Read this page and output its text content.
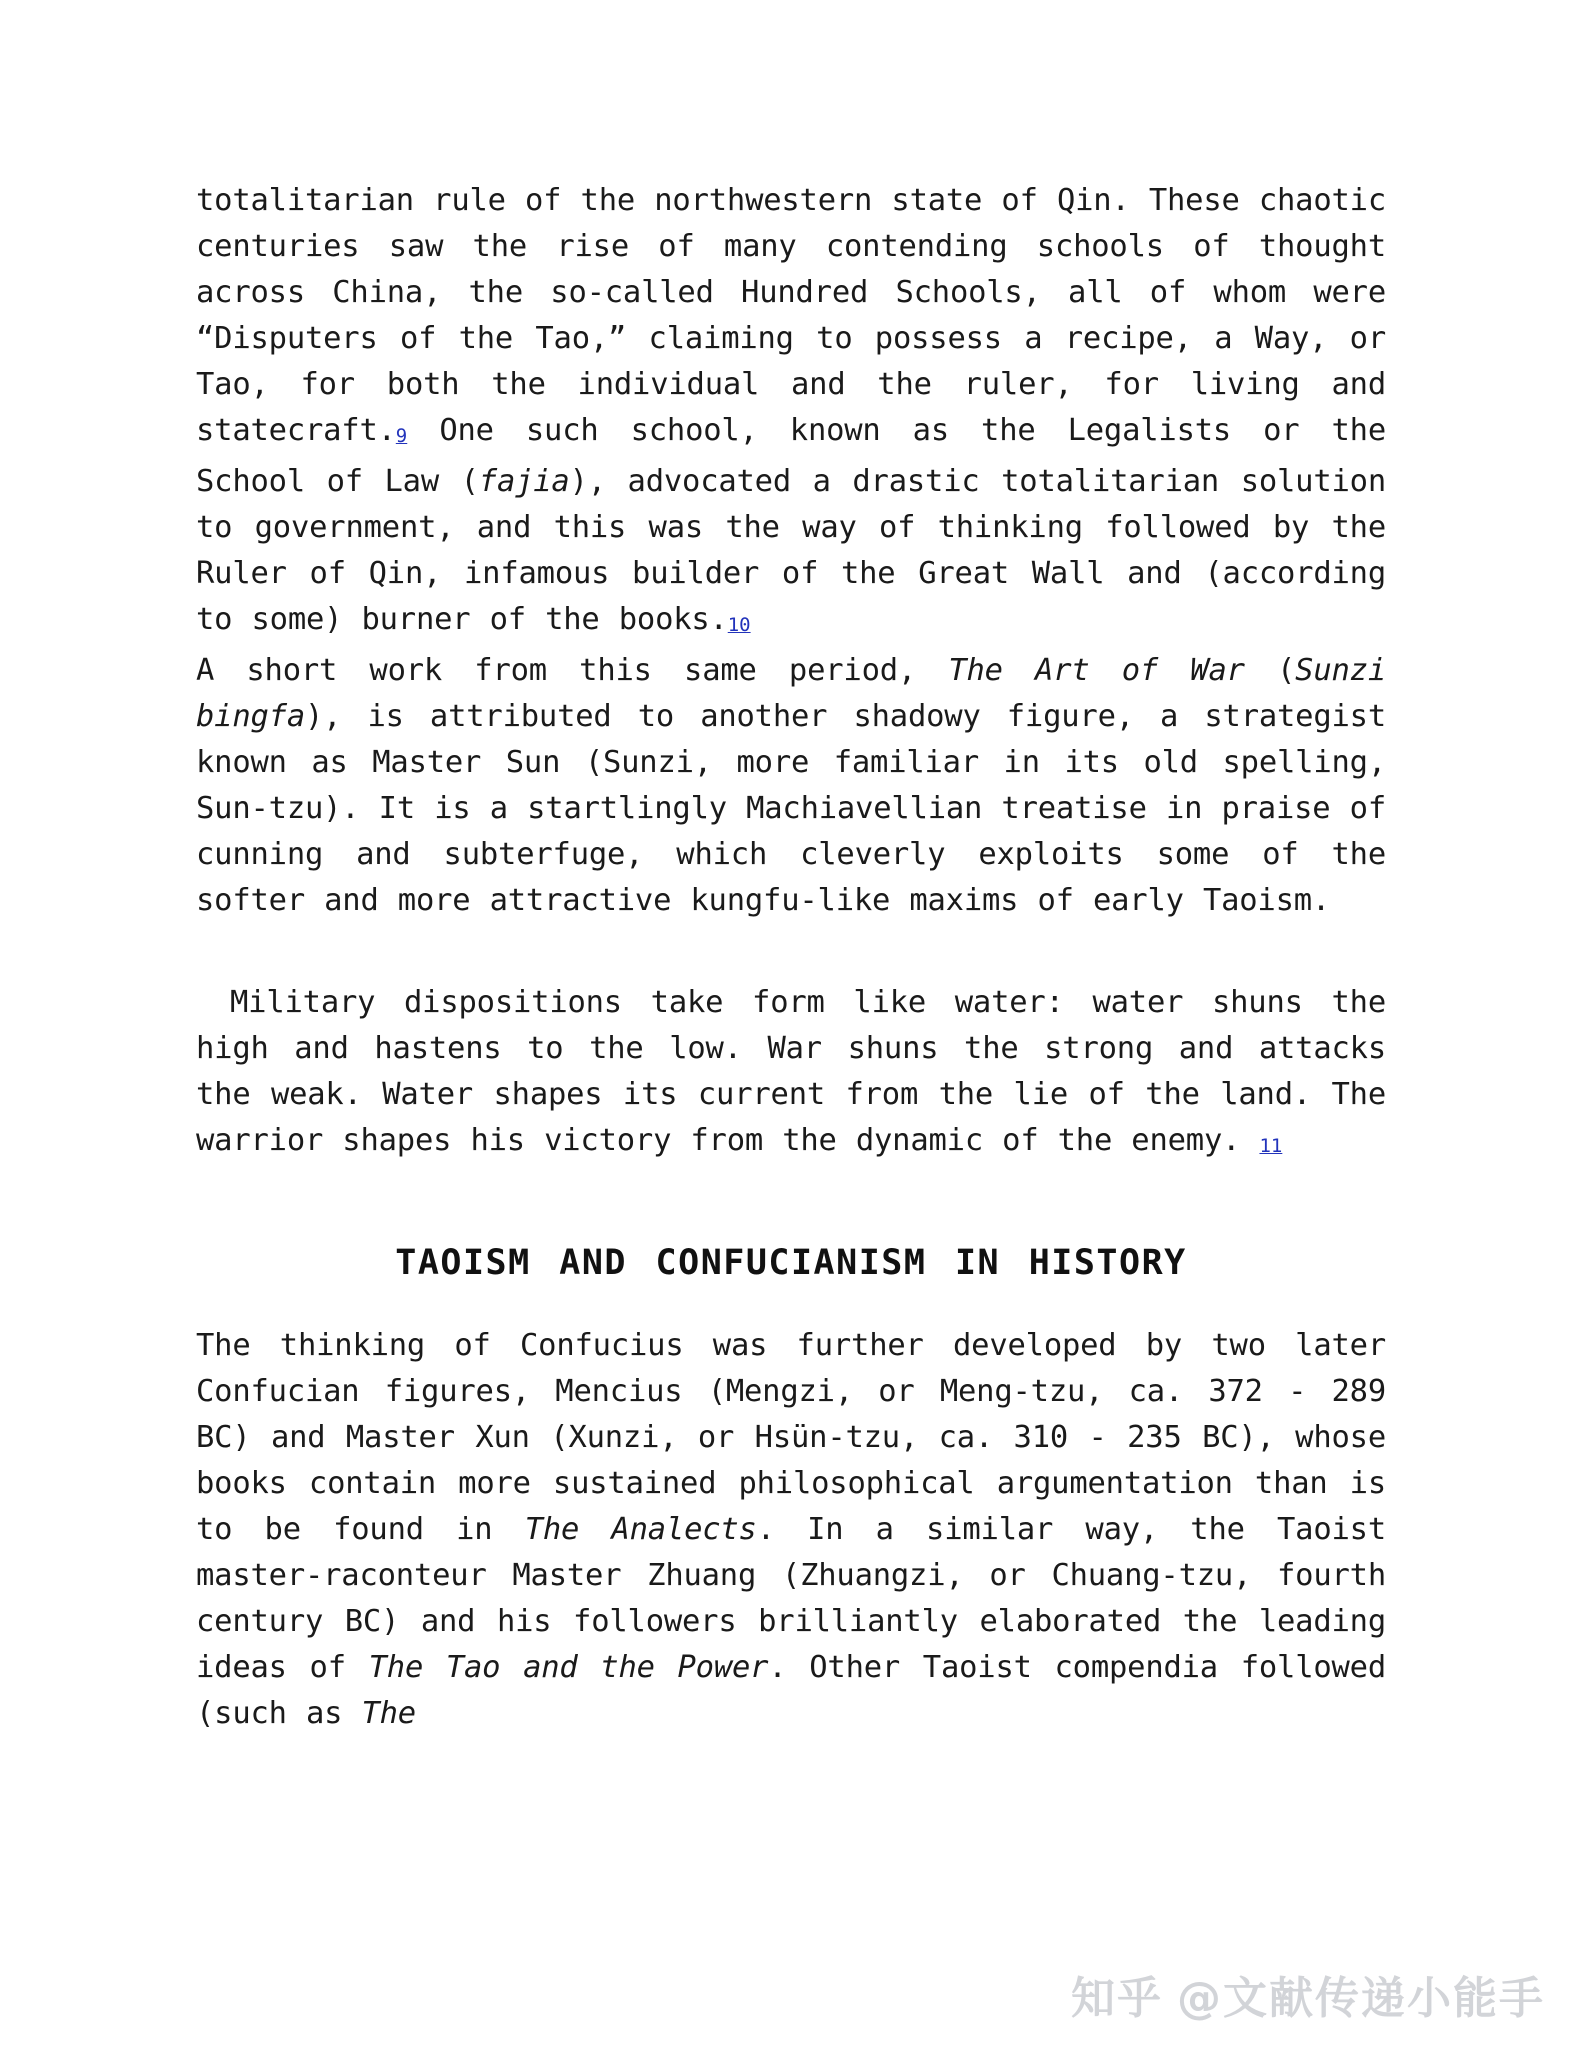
totalitarian rule of the northwestern state of Qin. These chaotic centuries saw the rise of many contending schools of thought across China, the so-called Hundred Schools, all of whom were “Disputers of the Tao,” claiming to possess a recipe, a Way, or Tao, for both the individual and the ruler, for living and statecraft.9 One such school, known as the Legalists or the School of Law (fajia), advocated a drastic totalitarian solution to government, and this was the way of thinking followed by the Ruler of Qin, infamous builder of the Great Wall and (according to some) burner of the books.10

A short work from this same period, The Art of War (Sunzi bingfa), is attributed to another shadowy figure, a strategist known as Master Sun (Sunzi, more familiar in its old spelling, Sun-tzu). It is a startlingly Machiavellian treatise in praise of cunning and subterfuge, which cleverly exploits some of the softer and more attractive kungfu-like maxims of early Taoism.

Military dispositions take form like water: water shuns the high and hastens to the low. War shuns the strong and attacks the weak. Water shapes its current from the lie of the land. The warrior shapes his victory from the dynamic of the enemy. 11

TAOISM AND CONFUCIANISM IN HISTORY

The thinking of Confucius was further developed by two later Confucian figures, Mencius (Mengzi, or Meng-tzu, ca. 372 - 289 BC) and Master Xun (Xunzi, or Hsün-tzu, ca. 310 - 235 BC), whose books contain more sustained philosophical argumentation than is to be found in The Analects. In a similar way, the Taoist master-raconteur Master Zhuang (Zhuangzi, or Chuang-tzu, fourth century BC) and his followers brilliantly elaborated the leading ideas of The Tao and the Power. Other Taoist compendia followed (such as The

知乎 @文献传递小能手
